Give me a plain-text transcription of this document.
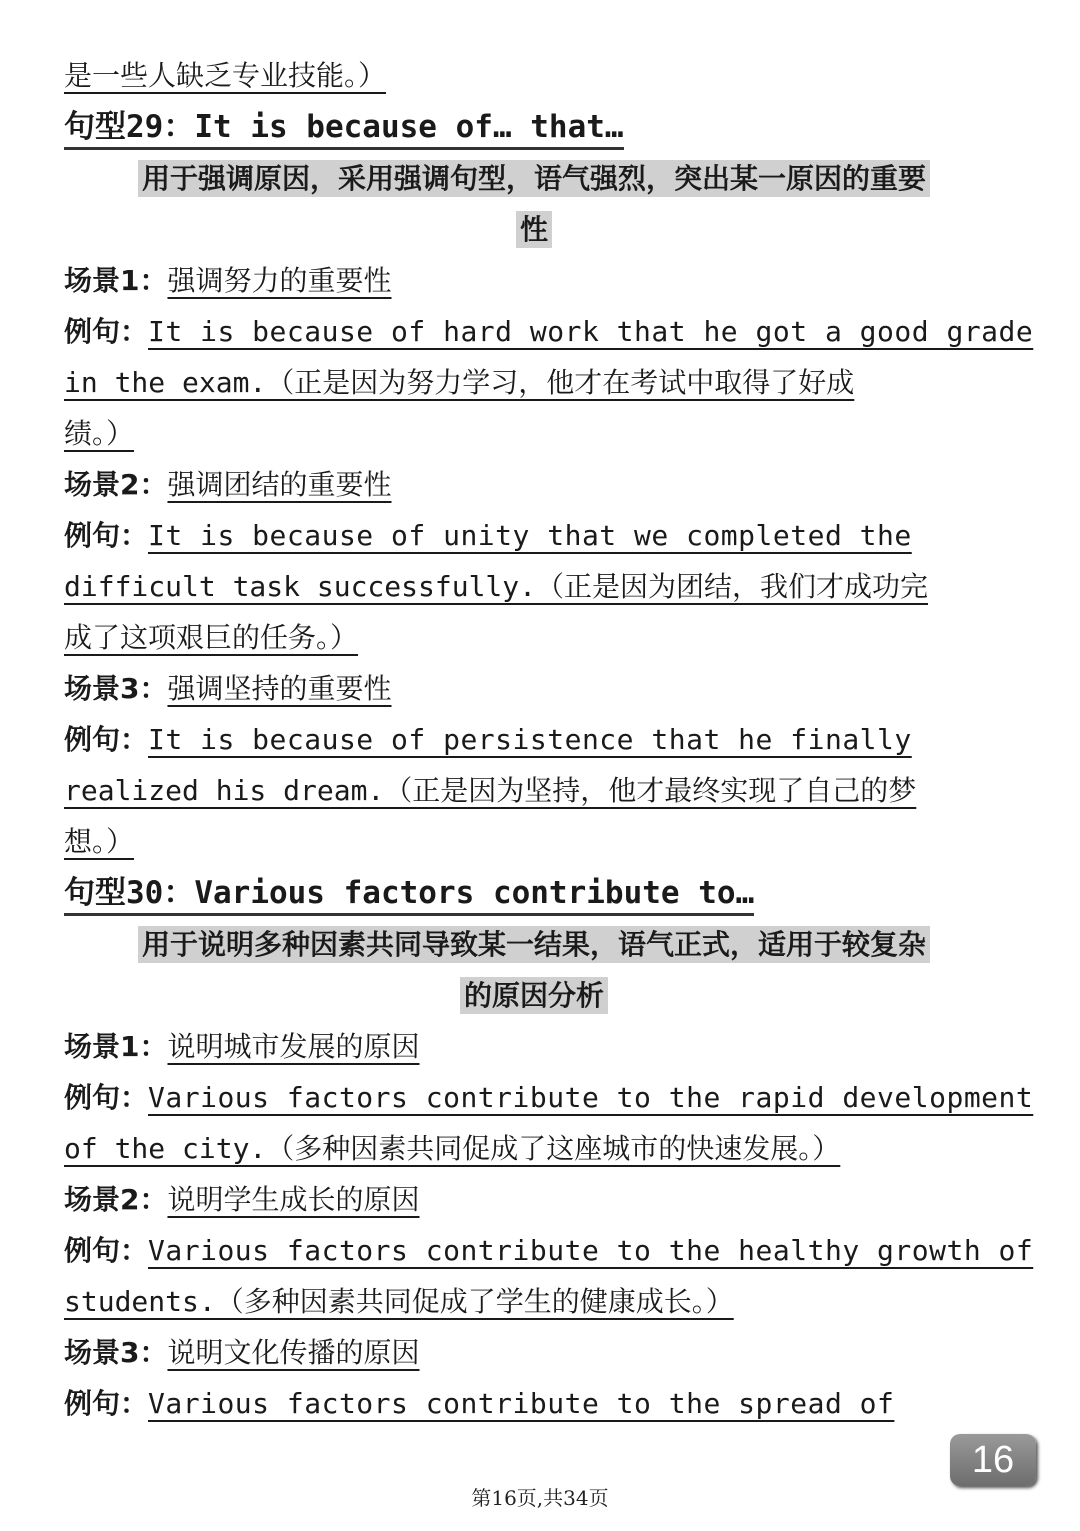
是一些人缺乏专业技能。）
句型29：It is because of… that…
用于强调原因，采用强调句型，语气强烈，突出某一原因的重要
性
场景1：强调努力的重要性
例句：It is because of hard work that he got a good grade
in the exam.（正是因为努力学习，他才在考试中取得了好成
绩。）
场景2：强调团结的重要性
例句：It is because of unity that we completed the
difficult task successfully.（正是因为团结，我们才成功完
成了这项艰巨的任务。）
场景3：强调坚持的重要性
例句：It is because of persistence that he finally
realized his dream.（正是因为坚持，他才最终实现了自己的梦
想。）
句型30：Various factors contribute to…
用于说明多种因素共同导致某一结果，语气正式，适用于较复杂
的原因分析
场景1：说明城市发展的原因
例句：Various factors contribute to the rapid development
of the city.（多种因素共同促成了这座城市的快速发展。）
场景2：说明学生成长的原因
例句：Various factors contribute to the healthy growth of
students.（多种因素共同促成了学生的健康成长。）
场景3：说明文化传播的原因
例句：Various factors contribute to the spread of
16
第16页,共34页
